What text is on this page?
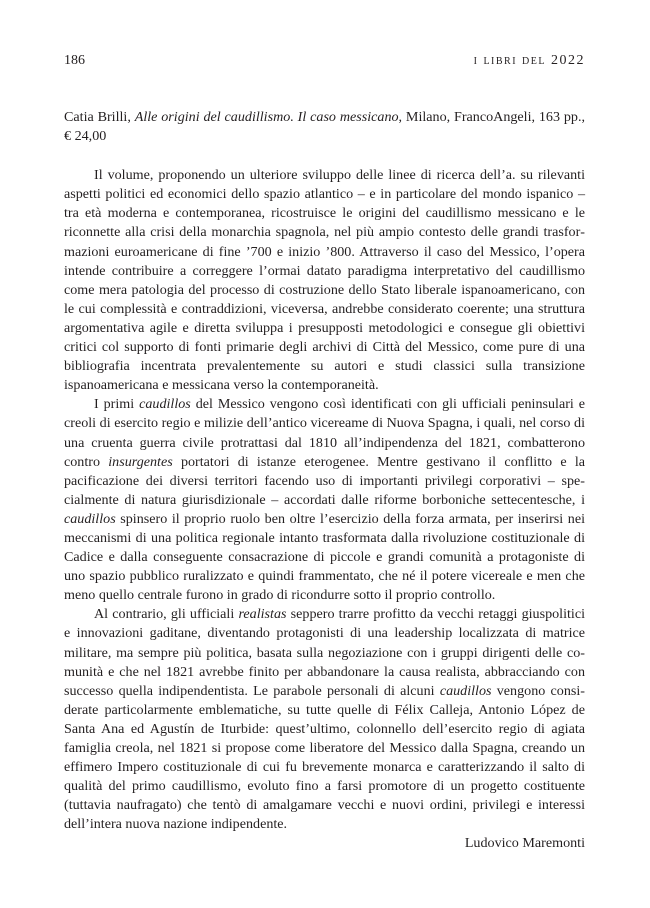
186	i libri del 2022

Catia Brilli, Alle origini del caudillismo. Il caso messicano, Milano, FrancoAngeli, 163 pp., € 24,00

Il volume, proponendo un ulteriore sviluppo delle linee di ricerca dell’a. su rilevanti aspetti politici ed economici dello spazio atlantico – e in particolare del mondo ispanico – tra età moderna e contemporanea, ricostruisce le origini del caudillismo messicano e le riconnette alla crisi della monarchia spagnola, nel più ampio contesto delle grandi trasformazioni euroamericane di fine ’700 e inizio ’800. Attraverso il caso del Messico, l’opera intende contribuire a correggere l’ormai datato paradigma interpretativo del caudillismo come mera patologia del processo di costruzione dello Stato liberale ispanoamericano, con le cui complessità e contraddizioni, viceversa, andrebbe considerato coerente; una struttura argomentativa agile e diretta sviluppa i presupposti metodologici e consegue gli obiettivi critici col supporto di fonti primarie degli archivi di Città del Messico, come pure di una bibliografia incentrata prevalentemente su autori e studi classici sulla transizione ispanoamericana e messicana verso la contemporaneità.

I primi caudillos del Messico vengono così identificati con gli ufficiali peninsulari e creoli di esercito regio e milizie dell’antico vicereame di Nuova Spagna, i quali, nel corso di una cruenta guerra civile protrattasi dal 1810 all’indipendenza del 1821, combatterono contro insurgentes portatori di istanze eterogenee. Mentre gestivano il conflitto e la pacificazione dei diversi territori facendo uso di importanti privilegi corporativi – specialmente di natura giurisdizionale – accordati dalle riforme borboniche settecentesche, i caudillos spinsero il proprio ruolo ben oltre l’esercizio della forza armata, per inserirsi nei meccanismi di una politica regionale intanto trasformata dalla rivoluzione costituzionale di Cadice e dalla conseguente consacrazione di piccole e grandi comunità a protagoniste di uno spazio pubblico ruralizzato e quindi frammentato, che né il potere vicereale e men che meno quello centrale furono in grado di ricondurre sotto il proprio controllo.

Al contrario, gli ufficiali realistas seppero trarre profitto da vecchi retaggi giuspolitici e innovazioni gaditane, diventando protagonisti di una leadership localizzata di matrice militare, ma sempre più politica, basata sulla negoziazione con i gruppi dirigenti delle comunità e che nel 1821 avrebbe finito per abbandonare la causa realista, abbracciando con successo quella indipendentista. Le parabole personali di alcuni caudillos vengono considerate particolarmente emblematiche, su tutte quelle di Félix Calleja, Antonio López de Santa Ana ed Agustín de Iturbide: quest’ultimo, colonnello dell’esercito regio di agiata famiglia creola, nel 1821 si propose come liberatore del Messico dalla Spagna, creando un effimero Impero costituzionale di cui fu brevemente monarca e caratterizzando il salto di qualità del primo caudillismo, evoluto fino a farsi promotore di un progetto costituente (tuttavia naufragato) che tentò di amalgamare vecchi e nuovi ordini, privilegi e interessi dell’intera nuova nazione indipendente.

Ludovico Maremonti
